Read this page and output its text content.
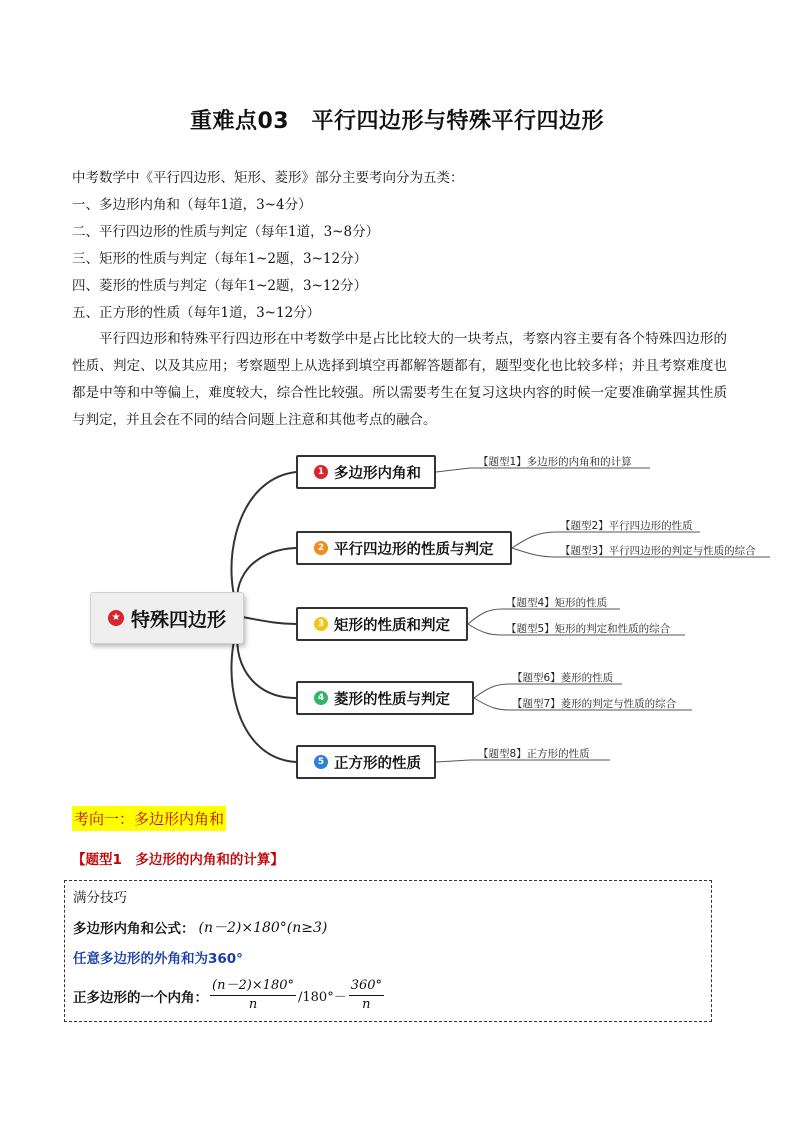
重难点03　平行四边形与特殊平行四边形
中考数学中《平行四边形、矩形、菱形》部分主要考向分为五类：
一、多边形内角和（每年1道，3~4分）
二、平行四边形的性质与判定（每年1道，3~8分）
三、矩形的性质与判定（每年1~2题，3~12分）
四、菱形的性质与判定（每年1~2题，3~12分）
五、正方形的性质（每年1道，3~12分）
平行四边形和特殊平行四边形在中考数学中是占比比较大的一块考点，考察内容主要有各个特殊四边形的性质、判定、以及其应用；考察题型上从选择到填空再都解答题都有，题型变化也比较多样；并且考察难度也都是中等和中等偏上，难度较大，综合性比较强。所以需要考生在复习这块内容的时候一定要准确掌握其性质与判定，并且会在不同的结合问题上注意和其他考点的融合。
★ 特殊四边形
1 多边形内角和
2 平行四边形的性质与判定
3 矩形的性质和判定
4 菱形的性质与判定
5 正方形的性质
【题型1】多边形的内角和的计算
【题型2】平行四边形的性质
【题型3】平行四边形的判定与性质的综合
【题型4】矩形的性质
【题型5】矩形的判定和性质的综合
【题型6】菱形的性质
【题型7】菱形的判定与性质的综合
【题型8】正方形的性质
考向一：多边形内角和
【题型1　多边形的内角和的计算】
满分技巧
多边形内角和公式： (n－2)×180°(n≥3)
任意多边形的外角和为360°
正多边形的一个内角： $\frac{(n-2)\times 180^\circ}{n} /180^\circ- \frac{360^\circ}{n}$
